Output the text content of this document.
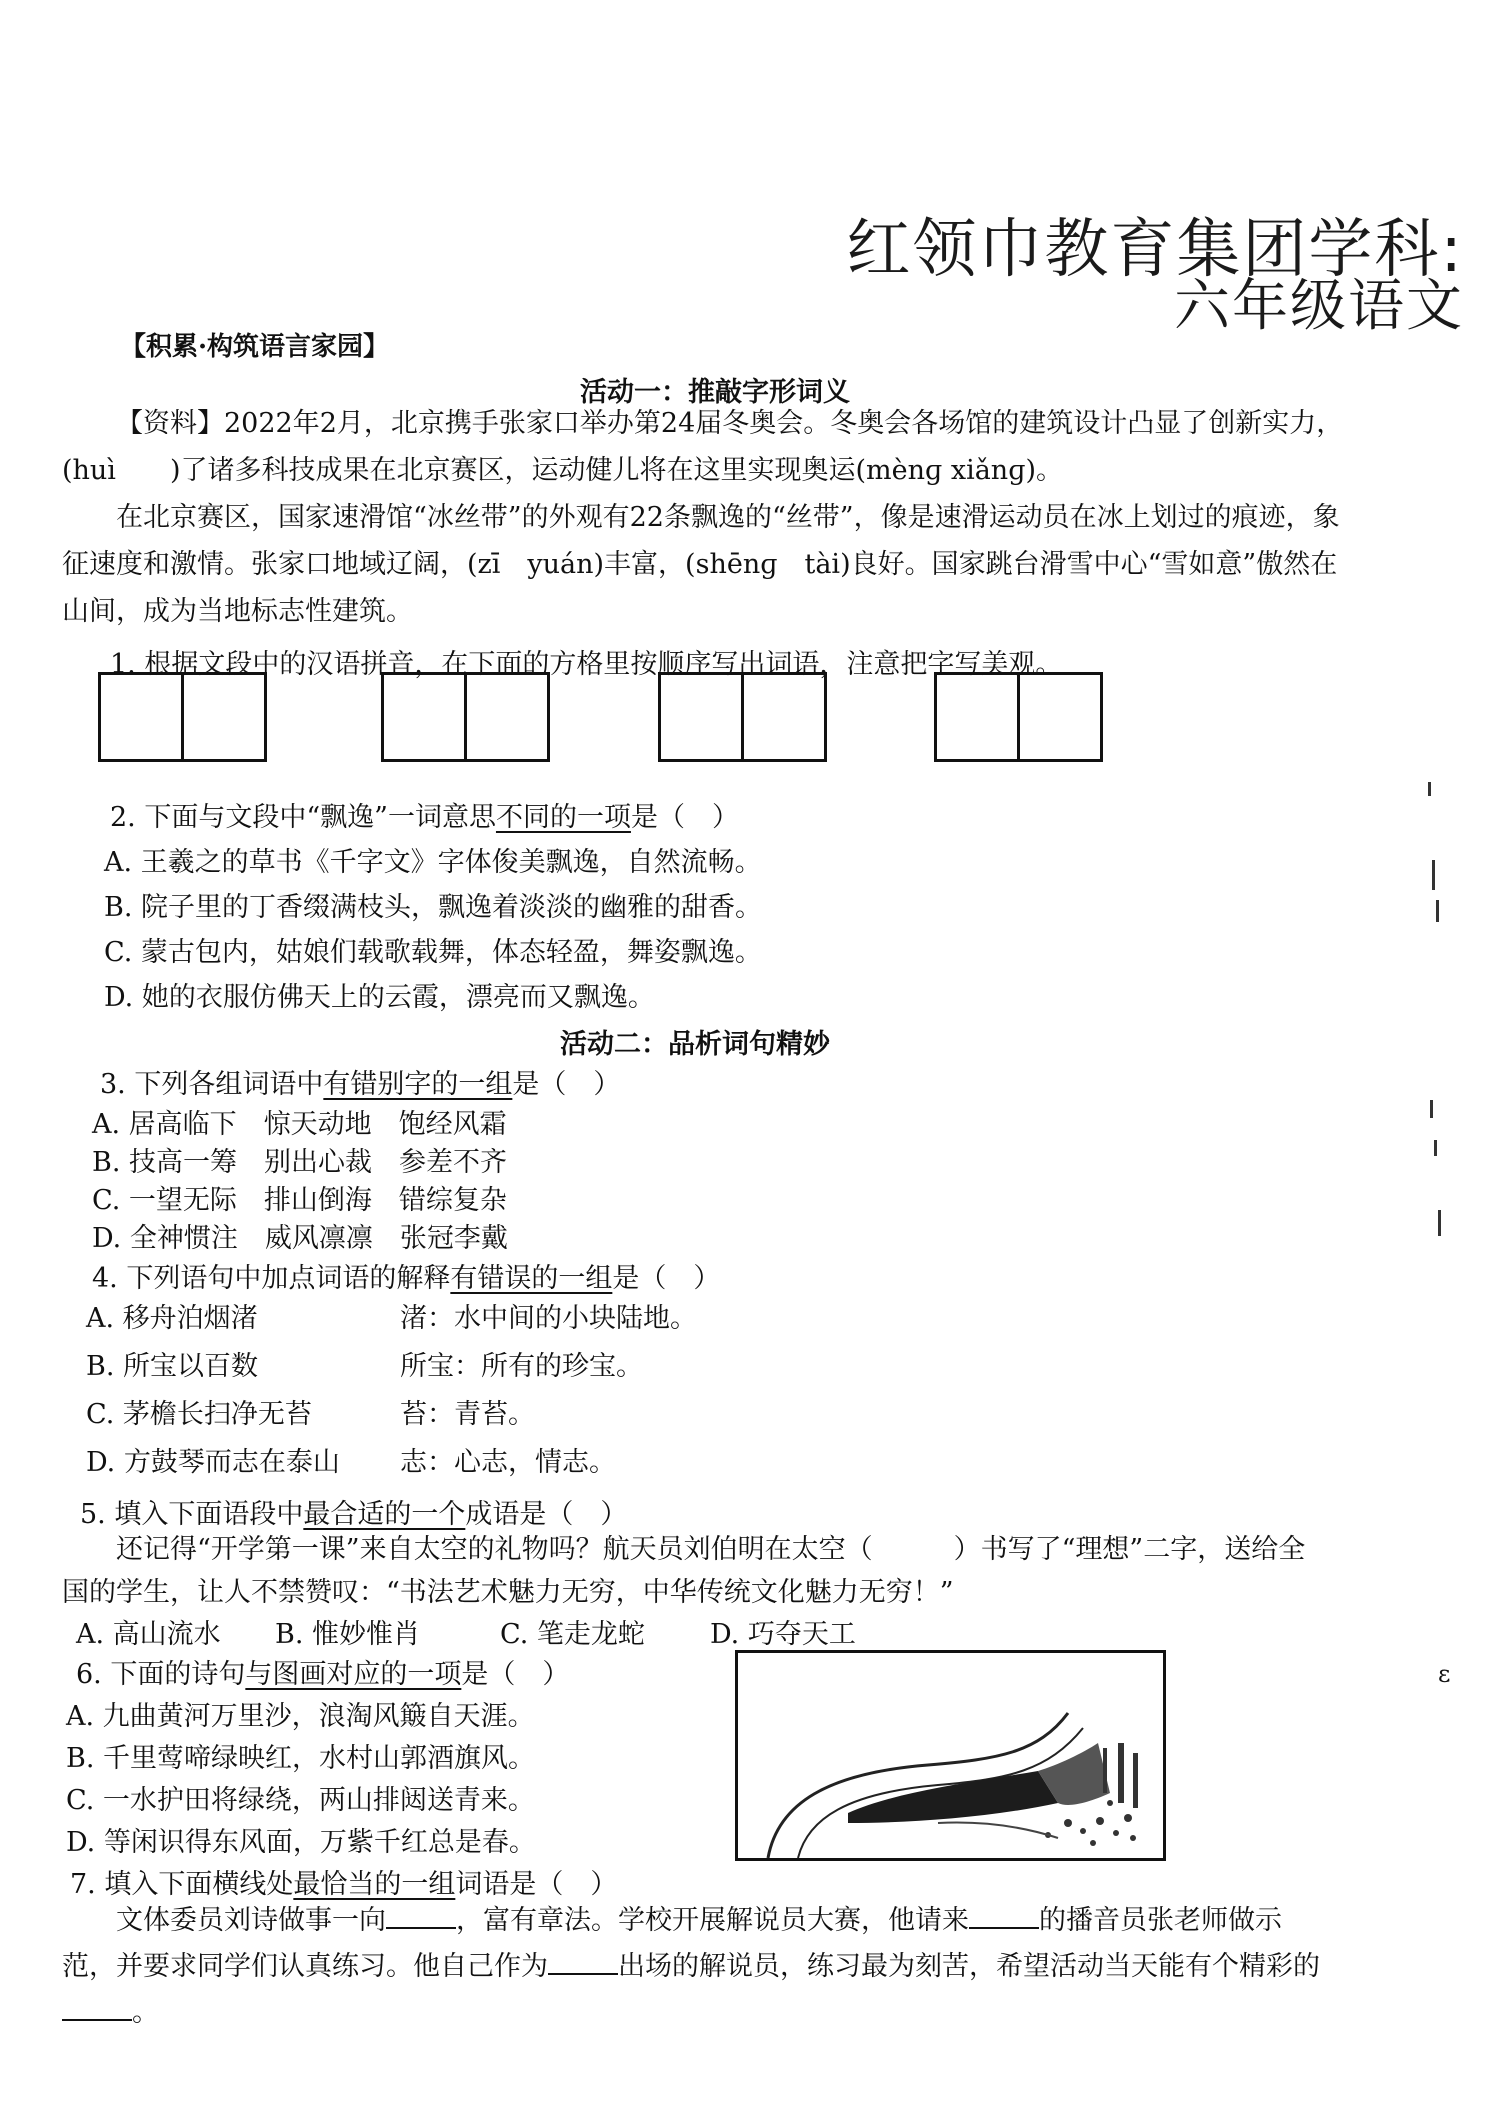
红领巾教育集团学科:
六年级语文
【积累·构筑语言家园】
活动一：推敲字形词义

【资料】2022年2月，北京携手张家口举办第24届冬奥会。冬奥会各场馆的建筑设计凸显了创新实力，(huì　　)了诸多科技成果在北京赛区，运动健儿将在这里实现奥运(mènɡ xiǎnɡ)。

在北京赛区，国家速滑馆“冰丝带”的外观有22条飘逸的“丝带”，像是速滑运动员在冰上划过的痕迹，象征速度和激情。张家口地域辽阔，(zī　yuán)丰富，(shēnɡ　tài)良好。国家跳台滑雪中心“雪如意”傲然在山间，成为当地标志性建筑。

1. 根据文段中的汉语拼音，在下面的方格里按顺序写出词语，注意把字写美观。
2. 下面与文段中“飘逸”一词意思不同的一项是（　）
A. 王羲之的草书《千字文》字体俊美飘逸，自然流畅。
B. 院子里的丁香缀满枝头，飘逸着淡淡的幽雅的甜香。
C. 蒙古包内，姑娘们载歌载舞，体态轻盈，舞姿飘逸。
D. 她的衣服仿佛天上的云霞，漂亮而又飘逸。
活动二：品析词句精妙
3. 下列各组词语中有错别字的一组是（　）
A. 居高临下　惊天动地　饱经风霜
B. 技高一筹　别出心裁　参差不齐
C. 一望无际　排山倒海　错综复杂
D. 全神惯注　威风凛凛　张冠李戴
4. 下列语句中加点词语的解释有错误的一组是（　）
A. 移舟泊烟渚	渚：水中间的小块陆地。
B. 所宝以百数	所宝：所有的珍宝。
C. 茅檐长扫净无苔	苔：青苔。
D. 方鼓琴而志在泰山 志：心志，情志。
5. 填入下面语段中最合适的一个成语是（　）
还记得“开学第一课”来自太空的礼物吗？航天员刘伯明在太空（　　　）书写了“理想”二字，送给全国的学生，让人不禁赞叹：“书法艺术魅力无穷，中华传统文化魅力无穷！”
A. 高山流水 B. 惟妙惟肖	C. 笔走龙蛇 D. 巧夺天工
6. 下面的诗句与图画对应的一项是（　）
A. 九曲黄河万里沙，浪淘风簸自天涯。
B. 千里莺啼绿映红，水村山郭酒旗风。
C. 一水护田将绿绕，两山排闼送青来。
D. 等闲识得东风面，万紫千红总是春。
7. 填入下面横线处最恰当的一组词语是（　）
文体委员刘诗做事一向	，富有章法。学校开展解说员大赛，他请来	的播音员张老师做示范，并要求同学们认真练习。他自己作为	出场的解说员，练习最为刻苦，希望活动当天能有个精彩的。
ε
